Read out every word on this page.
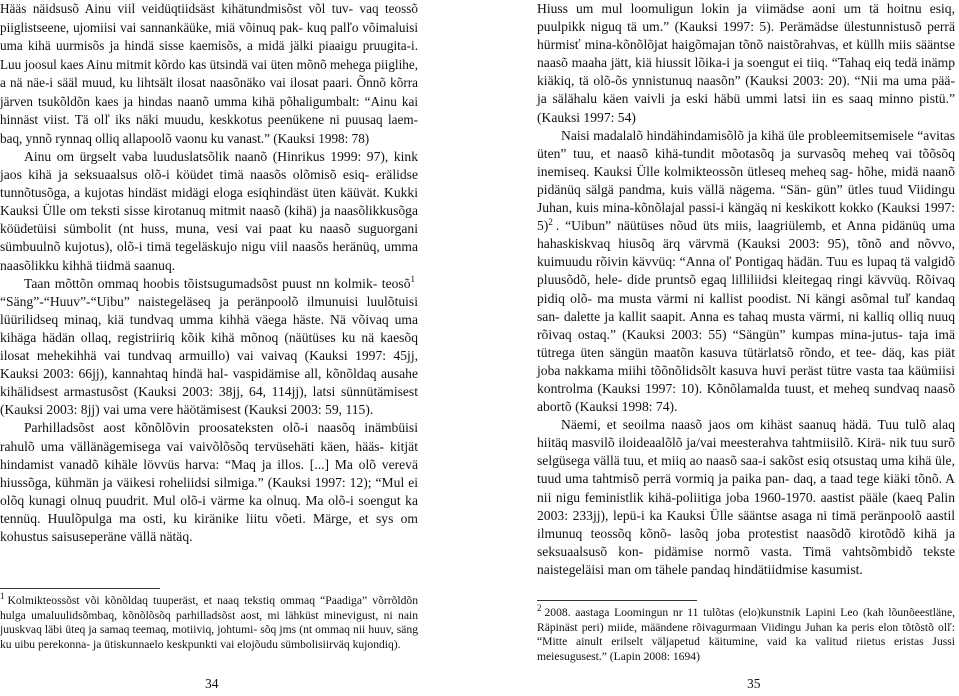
Hääs näidsusõ Ainu viil veidüqtiidsäst kihätundmisõst võl tuv- vaq teossõ piiglistseene, ujomiisi vai sannankäüke, miä võinuq pak- kuq palľo võimaluisi uma kihä uurmisõs ja hindä sisse kaemisõs, a midä jälki piaaigu pruugita-i. Luu joosul kaes Ainu mitmit kõrdo kas ütsindä vai üten mõnõ mehega piiglihe, a nä näe-i sääl muud, ku lihtsält ilosat naasõnäko vai ilosat paari. Õnnõ kõrra järven tsukõldõn kaes ja hindas naanõ umma kihä põhaligumbalt: “Ainu kai hinnäst viist. Tä olľ iks näki muudu, keskkotus peenükene ni puusaq laem- baq, ynnõ rynnaq olliq allapoolõ vaonu ku vanast.” (Kauksi 1998: 78)

Ainu om ürgselt vaba luuduslatsõlik naanõ (Hinrikus 1999: 97), kink jaos kihä ja seksuaalsus olõ-i köüdet timä naasõs olõmisõ esiq- erälidse tunnõtusõga, a kujotas hindäst midägi eloga esiqhindäst üten käüvät. Kukki Kauksi Ülle om teksti sisse kirotanuq mitmit naasõ (kihä) ja naasõlikkusõga köüdetüisi sümbolit (nt huss, muna, vesi vai paat ku naasõ suguorgani sümbuulnõ kujotus), olõ-i timä tegeläskujo nigu viil naasõs heränüq, umma naasõlikku kihhä tiidmä saanuq.

Taan mõttõn ommaq hoobis tõistsugumadsõst puust nn kolmik- teosõ$^1$ “Säng”-“Huuv”-“Uibu” naistegeläseq ja peränpoolõ ilmunuisi luulõtuisi lüürilidseq minaq, kiä tundvaq umma kihhä väega häste. Nä võivaq uma kihäga hädän ollaq, registriiriq kõik kihä mõnoq (näütüses ku nä kaesõq ilosat mehekihhä vai tundvaq armuillo) vai vaivaq (Kauksi 1997: 45jj, Kauksi 2003: 66jj), kannahtaq hindä hal- vaspidämise all, kõnõldaq ausahe kihälidsest armastusõst (Kauksi 2003: 38jj, 64, 114jj), latsi sünnütämisest (Kauksi 2003: 8jj) vai uma vere häötämisest (Kauksi 2003: 59, 115).

Parhilladsõst aost kõnõlõvin proosateksten olõ-i naasõq inämbüisi rahulõ uma vällänägemisega vai vaivõlõsõq tervüsehäti käen, hääs- kitjät hindamist vanadõ kihäle lövvüs harva: “Maq ja illos. [...] Ma olõ verevä hiussõga, kühmän ja väikesi roheliidsi silmiga.” (Kauksi 1997: 12); “Mul ei olõq kunagi olnuq puudrit. Mul olõ-i värme ka olnuq. Ma olõ-i soengut ka tennüq. Huulõpulga ma osti, ku kiränike liitu võeti. Märge, et sys om kohustus saisuseperäne vällä nätäq.

$^1$ Kolmikteossõst või kõnõldaq tuuperäst, et naaq tekstiq ommaq “Paadiga” võrrõldõn hulga umaluulidsõmbaq, kõnõlõsõq parhilladsõst aost, mi lähküst minevigust, ni nain juuskvaq läbi üteq ja samaq teemaq, motiiviq, johtumi- sõq jms (nt ommaq nii huuv, säng ku uibu perekonna- ja ütiskunnaelo keskpunkti vai elojõudu sümbolisiirväq kujondiq).
34

Hiuss um mul loomuligun lokin ja viimädse aoni um tä hoitnu esiq, puulpikk niguq tä um.” (Kauksi 1997: 5). Perämädse ülestunnistusõ perrä hürmisť mina-kõnõlõjat haigõmajan tõnõ naistõrahvas, et küllh miis sääntse naasõ maaha jätt, kiä hiussit lõika-i ja soengut ei tiiq. “Tahaq eiq tedä inämp kiäkiq, tä olõ-õs ynnistunuq naasõn” (Kauksi 2003: 20). “Nii ma uma pää- ja sälähalu käen vaivli ja eski häbü ummi latsi iin es saaq minno pistü.” (Kauksi 1997: 54)

Naisi madalalõ hindähindamisõlõ ja kihä üle probleemitsemisele “avitas üten” tuu, et naasõ kihä-tundit mõotasõq ja survasõq meheq vai tõõsõq inemiseq. Kauksi Ülle kolmikteossõn ütleseq meheq sag- hõhe, midä naanõ pidänüq sälgä pandma, kuis vällä nägema. “Sän- gün” ütles tuud Viidingu Juhan, kuis mina-kõnõlajal passi-i kängäq ni keskikott kokko (Kauksi 1997: 5)$^2$ . “Uibun” näütüses nõud üts miis, laagriülemb, et Anna pidänüq uma hahaskiskvaq hiusõq ärq värvmä (Kauksi 2003: 95), tõnõ and nõvvo, kuimuudu rõivin kävvüq: “Anna oľ Pontigaq hädän. Tuu es lupaq tä valgidõ pluusõdõ, hele- dide pruntsõ egaq lilliliidsi kleitegaq ringi kävvüq. Rõivaq pidiq olõ- ma musta värmi ni kallist poodist. Ni kängi asõmal tuľ kandaq san- dalette ja kallit saapit. Anna es tahaq musta värmi, ni kalliq olliq nuuq rõivaq ostaq.” (Kauksi 2003: 55) “Sängün” kumpas mina-jutus- taja imä tütrega üten sängün maatõn kasuva tütärlatsõ rõndo, et tee- däq, kas piät joba nakkama miihi tõõnõlidsõlt kasuva huvi peräst tütre vasta taa käümiisi kontrolma (Kauksi 1997: 10). Kõnõlamalda tuust, et meheq sundvaq naasõ abortõ (Kauksi 1998: 74).

Näemi, et seoilma naasõ jaos om kihäst saanuq hädä. Tuu tulõ alaq hiitäq masvilõ iloideaalõlõ ja/vai meesterahva tahtmiisilõ. Kirä- nik tuu surõ selgüsega vällä tuu, et miiq ao naasõ saa-i sakõst esiq otsustaq uma kihä üle, tuud uma tahtmisõ perrä vormiq ja paika pan- daq, a taad tege kiäki tõnõ. A nii nigu feministlik kihä-poliitiga joba 1960-1970. aastist pääle (kaeq Palin 2003: 233jj), lepü-i ka Kauksi Ülle sääntse asaga ni timä peränpoolõ aastil ilmunuq teossõq kõnõ- lasõq joba protestist naasõdõ kirotõdõ kihä ja seksuaalsusõ kon- pidämise normõ vasta. Timä vahtsõmbidõ tekste naistegeläisi man om tähele pandaq hindätiidmise kasumist.

$^2$ 2008. aastaga Loomingun nr 11 tulõtas (elo)kunstnik Lapini Leo (kah lõunõeestläne, Räpinäst peri) miide, määndene rõivagurmaan Viidingu Juhan ka peris elon tõtõstõ olľ: “Mitte ainult erilselt väljapetud käitumine, vaid ka valitud riietus eristas Jussi meiesugusest.” (Lapin 2008: 1694)
35
